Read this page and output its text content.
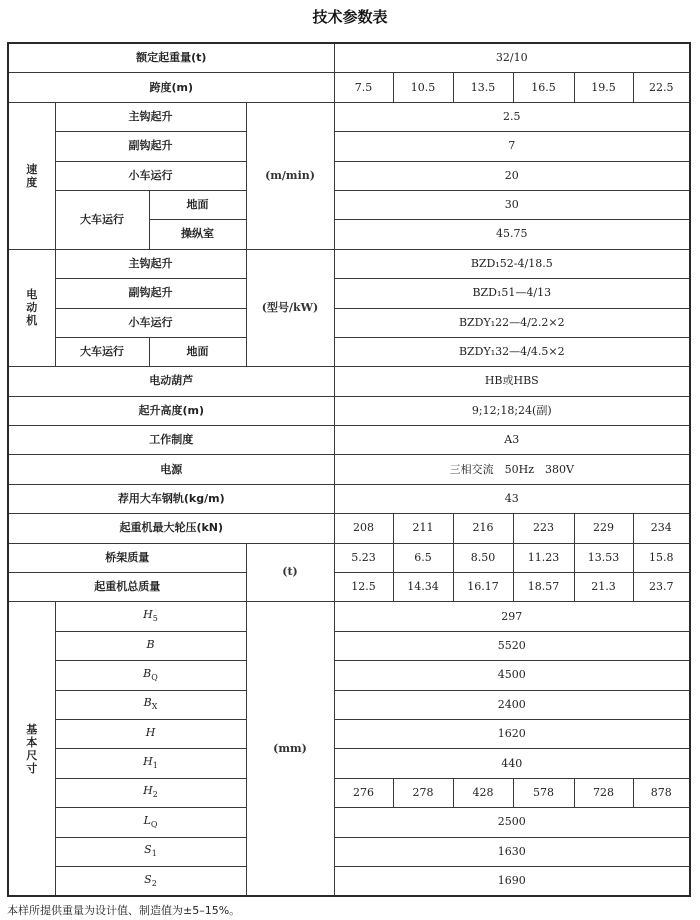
技术参数表
额定起重量(t)				32/10					
跨度(m)				7.5	10.5	13.5	16.5	19.5	22.5
速度	主钩起升		(m/min)	2.5					
	副钩起升			7					
	小车运行			20					
	大车运行	地面		30					
		操纵室		45.75					
电动机	主钩起升		(型号/kW)	BZD₁52-4/18.5					
	副钩起升			BZD₁51—4/13					
	小车运行			BZDY₁22—4/2.2×2					
	大车运行	地面		BZDY₁32—4/4.5×2					
电动葫芦				HB或HBS					
起升高度(m)				9;12;18;24(副)					
工作制度				A3					
电源				三相交流　50Hz　380V					
荐用大车钢轨(kg/m)				43					
起重机最大轮压(kN)				208	211	216	223	229	234
桥架质量			(t)	5.23	6.5	8.50	11.23	13.53	15.8
起重机总质量				12.5	14.34	16.17	18.57	21.3	23.7
基本尺寸	$H_5$		(mm)	297					
	B			5520					
	$B_Q$			4500					
	$B_X$			2400					
	H			1620					
	$H_1$			440					
	$H_2$			276	278	428	578	728	878
	$L_Q$			2500					
	$S_1$			1630					
	$S_2$			1690					
本样所提供重量为设计值、制造值为±5–15%。
